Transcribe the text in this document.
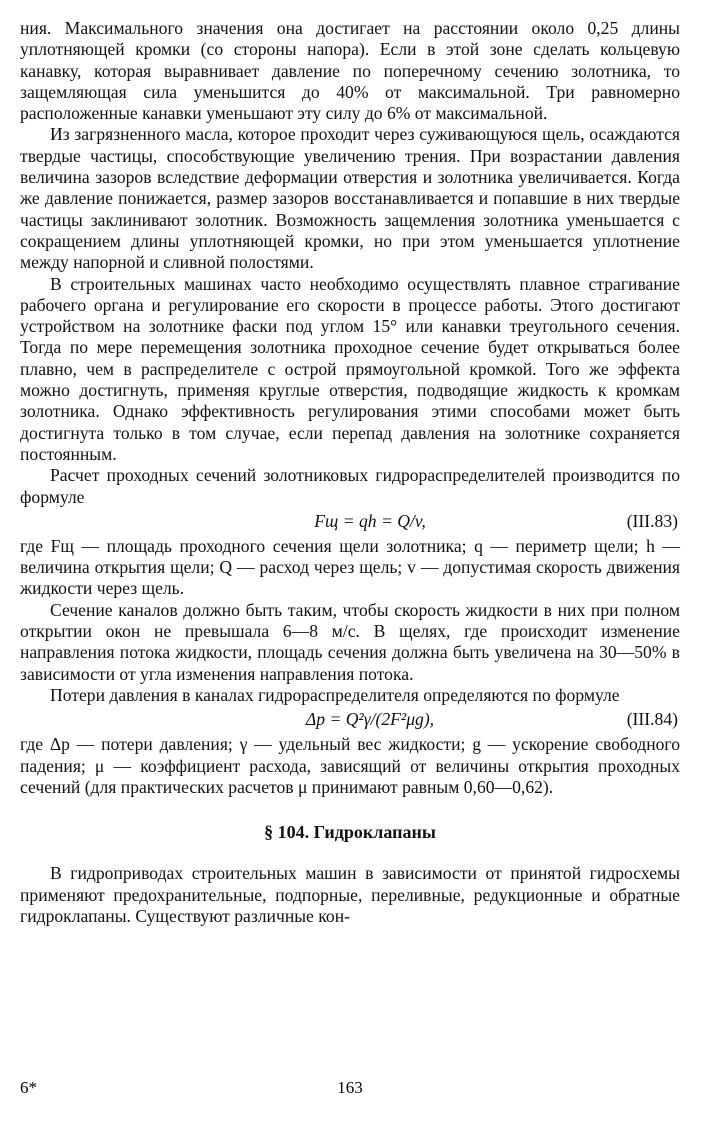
ния. Максимального значения она достигает на расстоянии около 0,25 длины уплотняющей кромки (со стороны напора). Если в этой зоне сделать кольцевую канавку, которая выравнивает давление по поперечному сечению золотника, то защемляющая сила уменьшится до 40% от максимальной. Три равномерно расположенные канавки уменьшают эту силу до 6% от максимальной.

Из загрязненного масла, которое проходит через суживающуюся щель, осаждаются твердые частицы, способствующие увеличению трения. При возрастании давления величина зазоров вследствие деформации отверстия и золотника увеличивается. Когда же давление понижается, размер зазоров восстанавливается и попавшие в них твердые частицы заклинивают золотник. Возможность защемления золотника уменьшается с сокращением длины уплотняющей кромки, но при этом уменьшается уплотнение между напорной и сливной полостями.

В строительных машинах часто необходимо осуществлять плавное страгивание рабочего органа и регулирование его скорости в процессе работы. Этого достигают устройством на золотнике фаски под углом 15° или канавки треугольного сечения. Тогда по мере перемещения золотника проходное сечение будет открываться более плавно, чем в распределителе с острой прямоугольной кромкой. Того же эффекта можно достигнуть, применяя круглые отверстия, подводящие жидкость к кромкам золотника. Однако эффективность регулирования этими способами может быть достигнута только в том случае, если перепад давления на золотнике сохраняется постоянным.

Расчет проходных сечений золотниковых гидрораспределителей производится по формуле

Fщ = qh = Q/v,	(III.83)

где Fщ — площадь проходного сечения щели золотника; q — периметр щели; h — величина открытия щели; Q — расход через щель; v — допустимая скорость движения жидкости через щель.

Сечение каналов должно быть таким, чтобы скорость жидкости в них при полном открытии окон не превышала 6—8 м/с. В щелях, где происходит изменение направления потока жидкости, площадь сечения должна быть увеличена на 30—50% в зависимости от угла изменения направления потока.

Потери давления в каналах гидрораспределителя определяются по формуле

Δp = Q²γ/(2F²μg),	(III.84)

где Δp — потери давления; γ — удельный вес жидкости; g — ускорение свободного падения; μ — коэффициент расхода, зависящий от величины открытия проходных сечений (для практических расчетов μ принимают равным 0,60—0,62).

§ 104. Гидроклапаны

В гидроприводах строительных машин в зависимости от принятой гидросхемы применяют предохранительные, подпорные, переливные, редукционные и обратные гидроклапаны. Существуют различные кон-

6*	163
